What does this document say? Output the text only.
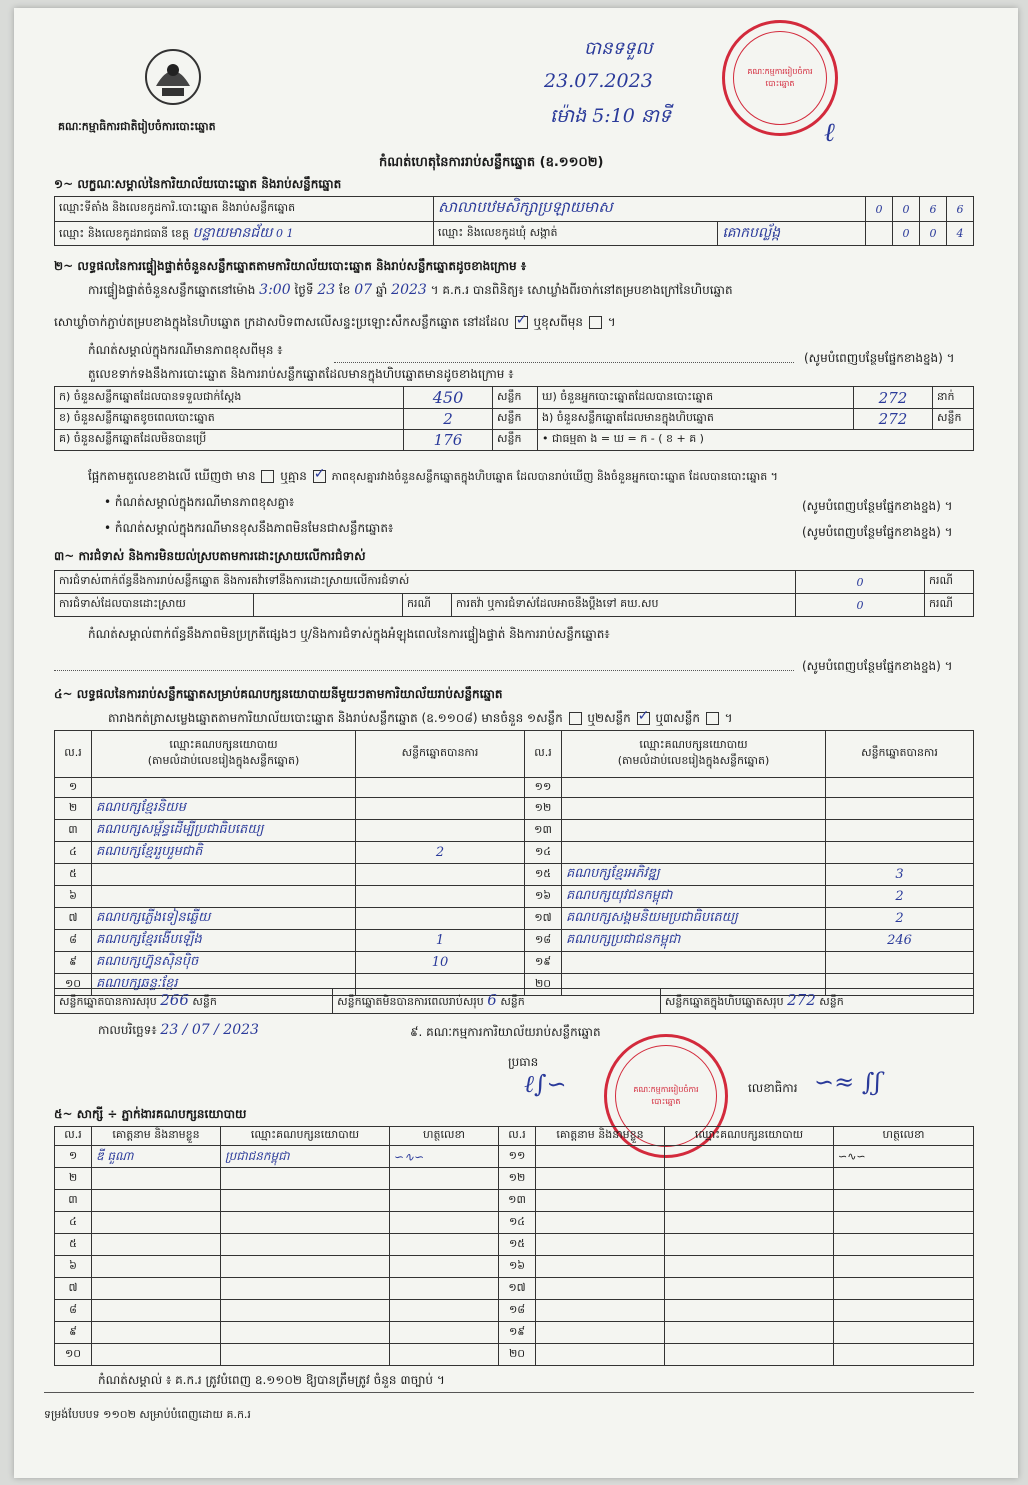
គណៈកម្មាធិការជាតិរៀបចំការបោះឆ្នោត
បានទទួល
23.07.2023
ម៉ោង 5:10 នាទី
ℓ
គណៈកម្មការរៀបចំការបោះឆ្នោត
កំណត់ហេតុនៃការរាប់សន្លឹកឆ្នោត (ឧ.១១០២)
១~ លក្ខណៈសម្គាល់នៃការិយាល័យបោះឆ្នោត និងរាប់សន្លឹកឆ្នោត
ឈ្មោះទីតាំង និងលេខកូដការិ.បោះឆ្នោត និងរាប់សន្លឹកឆ្នោត	សាលាបឋមសិក្សាប្រឡាយមាស		0	0	6	6
ឈ្មោះ និងលេខកូដរាជធានី ខេត្ត បន្ទាយមានជ័យ 0 1	ឈ្មោះ និងលេខកូដឃុំ សង្កាត់	គោកបល្ល័ង្ក		0	0	4
២~ លទ្ធផលនៃការផ្ទៀងផ្ទាត់ចំនួនសន្លឹកឆ្នោតតាមការិយាល័យបោះឆ្នោត និងរាប់សន្លឹកឆ្នោតដូចខាងក្រោម ៖
ការផ្ទៀងផ្ទាត់ចំនួនសន្លឹកឆ្នោតនៅម៉ោង 3:00 ថ្ងៃទី 23 ខែ 07 ឆ្នាំ 2023 ។ គ.ក.រ បានពិនិត្យ៖ សោឃ្លាំងពីរចាក់នៅតម្របខាងក្រៅនៃហិបឆ្នោត
សោឃ្លាំចាក់ភ្ជាប់តម្របខាងក្នុងនៃហិបឆ្នោត ក្រដាសបិទពាសលើសន្ទះប្រឡោះសឹកសន្លឹកឆ្នោត នៅដដែល ✓ ឬខុសពីមុន  ។
កំណត់សម្គាល់ក្នុងករណីមានភាពខុសពីមុន ៖
(សូមបំពេញបន្ថែមផ្នែកខាងខ្នង) ។
តួលេខទាក់ទងនឹងការបោះឆ្នោត និងការរាប់សន្លឹកឆ្នោតដែលមានក្នុងហិបឆ្នោតមានដូចខាងក្រោម ៖
ក) ចំនួនសន្លឹកឆ្នោតដែលបានទទួលជាក់ស្តែង	450	សន្លឹក	ឃ) ចំនួនអ្នកបោះឆ្នោតដែលបានបោះឆ្នោត	272	នាក់
ខ) ចំនួនសន្លឹកឆ្នោតខូចពេលបោះឆ្នោត	2	សន្លឹក	ង) ចំនួនសន្លឹកឆ្នោតដែលមានក្នុងហិបឆ្នោត	272	សន្លឹក
គ) ចំនួនសន្លឹកឆ្នោតដែលមិនបានប្រើ	176	សន្លឹក	• ជាធម្មតា ង = ឃ = ក - ( ខ + គ )		
ផ្អែកតាមតួលេខខាងលើ ឃើញថា មាន ឬគ្មាន ✓ ភាពខុសគ្នារវាងចំនួនសន្លឹកឆ្នោតក្នុងហិបឆ្នោត ដែលបានរាប់ឃើញ និងចំនួនអ្នកបោះឆ្នោត ដែលបានបោះឆ្នោត ។
• កំណត់សម្គាល់ក្នុងករណីមានភាពខុសគ្នា៖	(សូមបំពេញបន្ថែមផ្នែកខាងខ្នង) ។
• កំណត់សម្គាល់ក្នុងករណីមានខុសនឹងភាពមិនមែនជាសន្លឹកឆ្នោត៖	(សូមបំពេញបន្ថែមផ្នែកខាងខ្នង) ។
៣~ ការជំទាស់ និងការមិនយល់ស្របតាមការដោះស្រាយលើការជំទាស់
ការជំទាស់ពាក់ព័ន្ធនឹងការរាប់សន្លឹកឆ្នោត និងការតវ៉ាទៅនឹងការដោះស្រាយលើការជំទាស់				0	ករណី
ការជំទាស់ដែលបានដោះស្រាយ		ករណី	ការតវ៉ា ឬការជំទាស់ដែលអាចនឹងប្តឹងទៅ គឃ.សប	0	ករណី
កំណត់សម្គាល់ពាក់ព័ន្ធនឹងភាពមិនប្រក្រតីផ្សេងៗ ឬ/និងការជំទាស់ក្នុងអំឡុងពេលនៃការផ្ទៀងផ្ទាត់ និងការរាប់សន្លឹកឆ្នោត៖
(សូមបំពេញបន្ថែមផ្នែកខាងខ្នង) ។
៤~ លទ្ធផលនៃការរាប់សន្លឹកឆ្នោតសម្រាប់គណបក្សនយោបាយនីមួយៗតាមការិយាល័យរាប់សន្លឹកឆ្នោត
តារាងកត់ត្រាសម្លេងឆ្នោតតាមការិយាល័យបោះឆ្នោត និងរាប់សន្លឹកឆ្នោត (ឧ.១១០៨) មានចំនួន ១សន្លឹក ឬ២សន្លឹក ✓ ឬ៣សន្លឹក  ។
ល.រ	ឈ្មោះគណបក្សនយោបាយ
(តាមលំដាប់លេខរៀងក្នុងសន្លឹកឆ្នោត)	សន្លឹកឆ្នោតបានការ	ល.រ	ឈ្មោះគណបក្សនយោបាយ
(តាមលំដាប់លេខរៀងក្នុងសន្លឹកឆ្នោត)	សន្លឹកឆ្នោតបានការ
១			១១		
២	គណបក្សខ្មែរនិយម		១២		
៣	គណបក្សសម្ព័ន្ធដើម្បីប្រជាធិបតេយ្យ		១៣		
៤	គណបក្សខ្មែររួបរួមជាតិ	2	១៤		
៥			១៥	គណបក្សខ្មែរអភិវឌ្ឍ	3
៦			១៦	គណបក្សយុវជនកម្ពុជា	2
៧	គណបក្សភ្លើងទៀនឆ្លើយ		១៧	គណបក្សសង្គមនិយមប្រជាធិបតេយ្យ	2
៨	គណបក្សខ្មែរងើបឡើង	1	១៨	គណបក្សប្រជាជនកម្ពុជា	246
៩	គណបក្សហ្វ៊ុនស៊ិនប៉ិច	10	១៩		
១០	គណបក្សឆន្ទៈខ្មែរ		២០		
សន្លឹកឆ្នោតបានការសរុប 266 សន្លឹក	សន្លឹកឆ្នោតមិនបានការពេលរាប់សរុប 6 សន្លឹក	សន្លឹកឆ្នោតក្នុងហិបឆ្នោតសរុប 272 សន្លឹក
កាលបរិច្ឆេទ៖ 23 / 07 / 2023	៩. គណៈកម្មការការិយាល័យរាប់សន្លឹកឆ្នោត
ប្រធាន
ℓ∫∽	គណៈកម្មការរៀបចំការបោះឆ្នោត
លេខាធិការ ∽≈ ∫ʃ
៥~ សាក្សី ÷ ភ្នាក់ងារគណបក្សនយោបាយ
ល.រ	គោត្តនាម និងនាមខ្លួន	ឈ្មោះគណបក្សនយោបាយ	ហត្ថលេខា	ល.រ	គោត្តនាម និងនាមខ្លួន	ឈ្មោះគណបក្សនយោបាយ	ហត្ថលេខា
១	ឌី​ ធួណា	ប្រជាជនកម្ពុជា	∽∿∽	១១			∽∿∽
២				១២			
៣				១៣			
៤				១៤			
៥				១៥			
៦				១៦			
៧				១៧			
៨				១៨			
៩				១៩			
១០				២០			
កំណត់សម្គាល់ ៖ គ.ក.រ ត្រូវបំពេញ ឧ.១១០២ ឱ្យបានត្រឹមត្រូវ ចំនួន ៣ច្បាប់ ។
ទម្រង់បែបបទ ១១០២ សម្រាប់បំពេញដោយ គ.ក.រ
